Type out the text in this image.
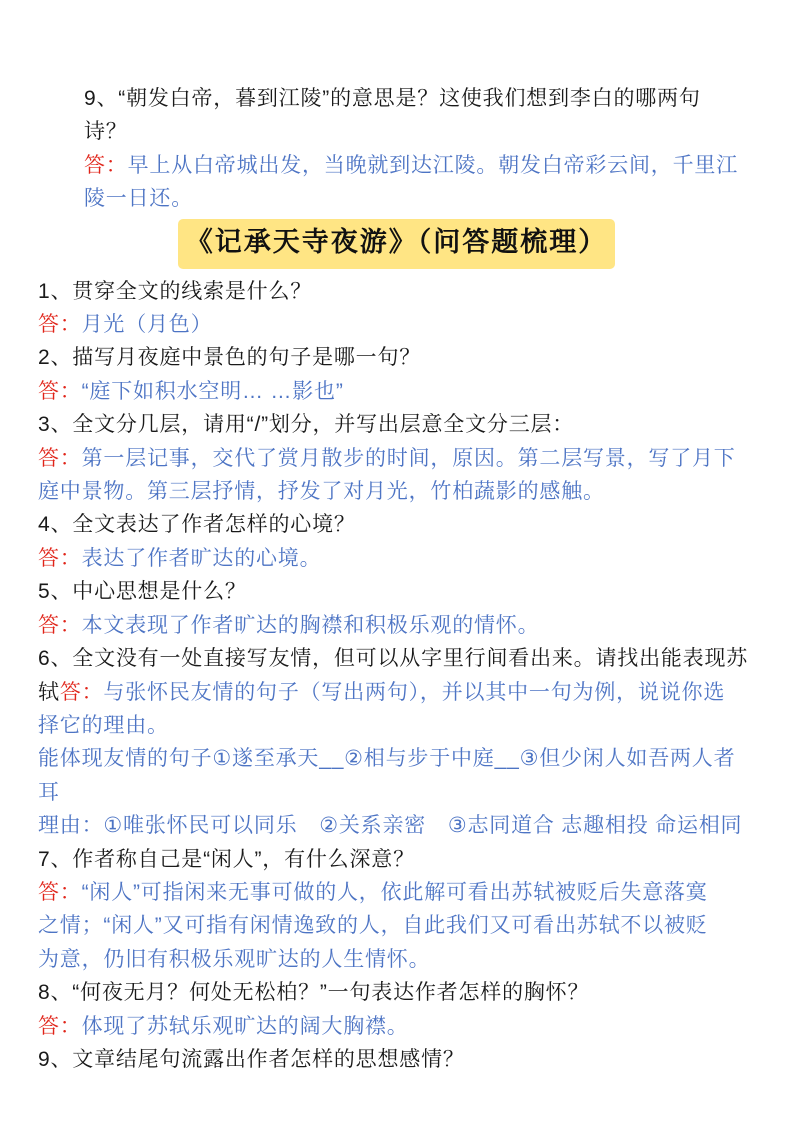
9、“朝发白帝，暮到江陵”的意思是？这使我们想到李白的哪两句
诗？
答：早上从白帝城出发，当晚就到达江陵。朝发白帝彩云间，千里江
陵一日还。
《记承天寺夜游》（问答题梳理）
1、贯穿全文的线索是什么？
答：月光（月色）
2、描写月夜庭中景色的句子是哪一句？
答：“庭下如积水空明… …影也”
3、全文分几层，请用“/”划分，并写出层意全文分三层：
答：第一层记事，交代了赏月散步的时间，原因。第二层写景，写了月下
庭中景物。第三层抒情，抒发了对月光，竹柏蔬影的感触。
4、全文表达了作者怎样的心境？
答：表达了作者旷达的心境。
5、中心思想是什么？
答：本文表现了作者旷达的胸襟和积极乐观的情怀。
6、全文没有一处直接写友情，但可以从字里行间看出来。请找出能表现苏
轼答：与张怀民友情的句子（写出两句），并以其中一句为例，说说你选
择它的理由。
能体现友情的句子①遂至承天__②相与步于中庭__③但少闲人如吾两人者耳
理由：①唯张怀民可以同乐　②关系亲密　③志同道合 志趣相投 命运相同
7、作者称自己是“闲人”，有什么深意？
答：“闲人”可指闲来无事可做的人，依此解可看出苏轼被贬后失意落寞
之情；“闲人”又可指有闲情逸致的人，自此我们又可看出苏轼不以被贬
为意，仍旧有积极乐观旷达的人生情怀。
8、“何夜无月？何处无松柏？”一句表达作者怎样的胸怀？
答：体现了苏轼乐观旷达的阔大胸襟。
9、文章结尾句流露出作者怎样的思想感情？
